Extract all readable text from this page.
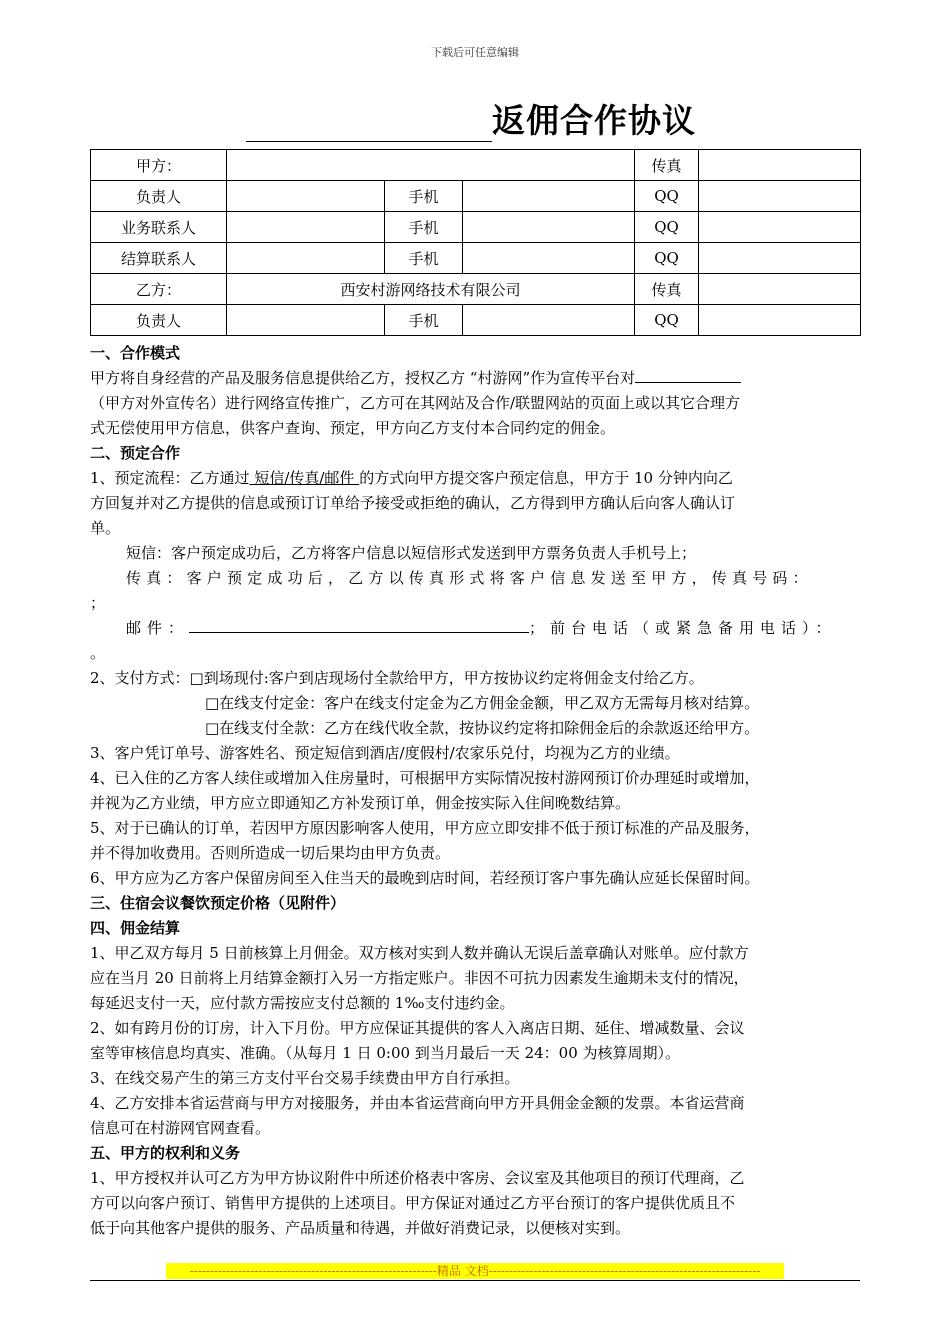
下载后可任意编辑
返佣合作协议
甲方：				传真	
负责人		手机		QQ	
业务联系人		手机		QQ	
结算联系人		手机		QQ	
乙方：	西安村游网络技术有限公司			传真	
负责人		手机		QQ	

一、合作模式

甲方将自身经营的产品及服务信息提供给乙方，授权乙方 “村游网”作为宣传平台对

（甲方对外宣传名）进行网络宣传推广，乙方可在其网站及合作/联盟网站的页面上或以其它合理方

式无偿使用甲方信息，供客户查询、预定，甲方向乙方支付本合同约定的佣金。

二、预定合作

1、预定流程：乙方通过 短信/传真/邮件 的方式向甲方提交客户预定信息，甲方于 10 分钟内向乙

方回复并对乙方提供的信息或预订订单给予接受或拒绝的确认，乙方得到甲方确认后向客人确认订

单。

短信：客户预定成功后，乙方将客户信息以短信形式发送到甲方票务负责人手机号上；

传真：客户预定成功后，乙方以传真形式将客户信息发送至甲方，传真号码：

；

邮件：	；前台电话（或紧急备用电话）：

。

2、支付方式：□到场现付:客户到店现场付全款给甲方，甲方按协议约定将佣金支付给乙方。

□在线支付定金：客户在线支付定金为乙方佣金金额，甲乙双方无需每月核对结算。

□在线支付全款：乙方在线代收全款，按协议约定将扣除佣金后的余款返还给甲方。

3、客户凭订单号、游客姓名、预定短信到酒店/度假村/农家乐兑付，均视为乙方的业绩。

4、已入住的乙方客人续住或增加入住房量时，可根据甲方实际情况按村游网预订价办理延时或增加，

并视为乙方业绩，甲方应立即通知乙方补发预订单，佣金按实际入住间晚数结算。

5、对于已确认的订单，若因甲方原因影响客人使用，甲方应立即安排不低于预订标准的产品及服务，

并不得加收费用。否则所造成一切后果均由甲方负责。

6、甲方应为乙方客户保留房间至入住当天的最晚到店时间，若经预订客户事先确认应延长保留时间。

三、住宿会议餐饮预定价格（见附件）

四、佣金结算

1、甲乙双方每月 5 日前核算上月佣金。双方核对实到人数并确认无误后盖章确认对账单。应付款方

应在当月 20 日前将上月结算金额打入另一方指定账户。非因不可抗力因素发生逾期未支付的情况，

每延迟支付一天，应付款方需按应支付总额的 1‰支付违约金。

2、如有跨月份的订房，计入下月份。甲方应保证其提供的客人入离店日期、延住、增减数量、会议

室等审核信息均真实、准确。（从每月 1 日 0:00 到当月最后一天 24：00 为核算周期）。

3、在线交易产生的第三方支付平台交易手续费由甲方自行承担。

4、乙方安排本省运营商与甲方对接服务，并由本省运营商向甲方开具佣金金额的发票。本省运营商

信息可在村游网官网查看。

五、甲方的权利和义务

1、甲方授权并认可乙方为甲方协议附件中所述价格表中客房、会议室及其他项目的预订代理商，乙

方可以向客户预订、销售甲方提供的上述项目。甲方保证对通过乙方平台预订的客户提供优质且不

低于向其他客户提供的服务、产品质量和待遇，并做好消费记录，以便核对实到。

-------------------------------------------------------------精品 文档-------------------------------------------------------------------
